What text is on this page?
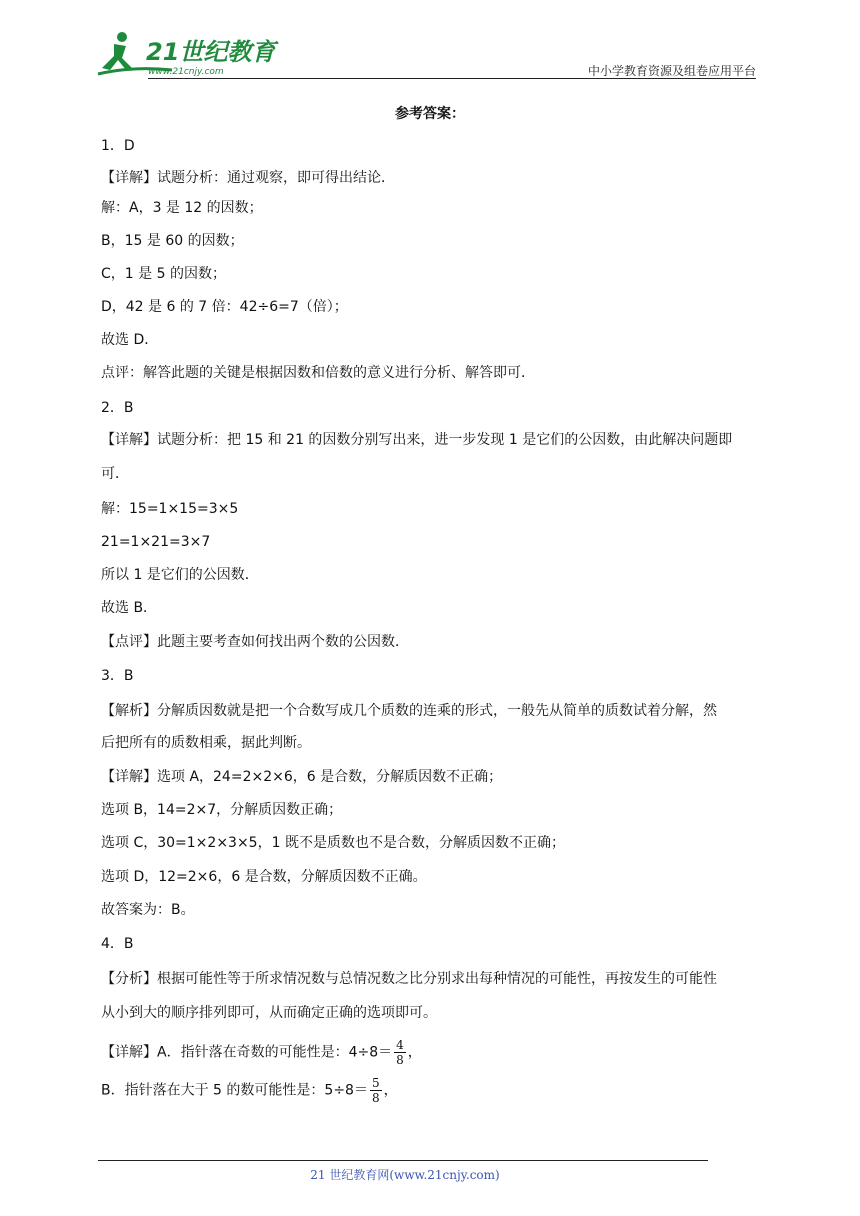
21世纪教育
www.21cnjy.com	中小学教育资源及组卷应用平台
参考答案：
1．D
【详解】试题分析：通过观察，即可得出结论．
解：A，3 是 12 的因数；
B，15 是 60 的因数；
C，1 是 5 的因数；
D，42 是 6 的 7 倍：42÷6=7（倍）；
故选 D．
点评：解答此题的关键是根据因数和倍数的意义进行分析、解答即可．
2．B
【详解】试题分析：把 15 和 21 的因数分别写出来，进一步发现 1 是它们的公因数，由此解决问题即
可．
解：15=1×15=3×5
21=1×21=3×7
所以 1 是它们的公因数．
故选 B．
【点评】此题主要考查如何找出两个数的公因数．
3．B
【解析】分解质因数就是把一个合数写成几个质数的连乘的形式，一般先从简单的质数试着分解，然
后把所有的质数相乘，据此判断。
【详解】选项 A，24=2×2×6，6 是合数，分解质因数不正确；
选项 B，14=2×7，分解质因数正确；
选项 C，30=1×2×3×5，1 既不是质数也不是合数，分解质因数不正确；
选项 D，12=2×6，6 是合数，分解质因数不正确。
故答案为：B。
4．B
【分析】根据可能性等于所求情况数与总情况数之比分别求出每种情况的可能性，再按发生的可能性
从小到大的顺序排列即可，从而确定正确的选项即可。
【详解】A．指针落在奇数的可能性是：$4\div 8= \frac{4}{8}$ ，
B．指针落在大于 5 的数可能性是：$5\div 8= \frac{5}{8}$ ，
21 世纪教育网(www.21cnjy.com)
